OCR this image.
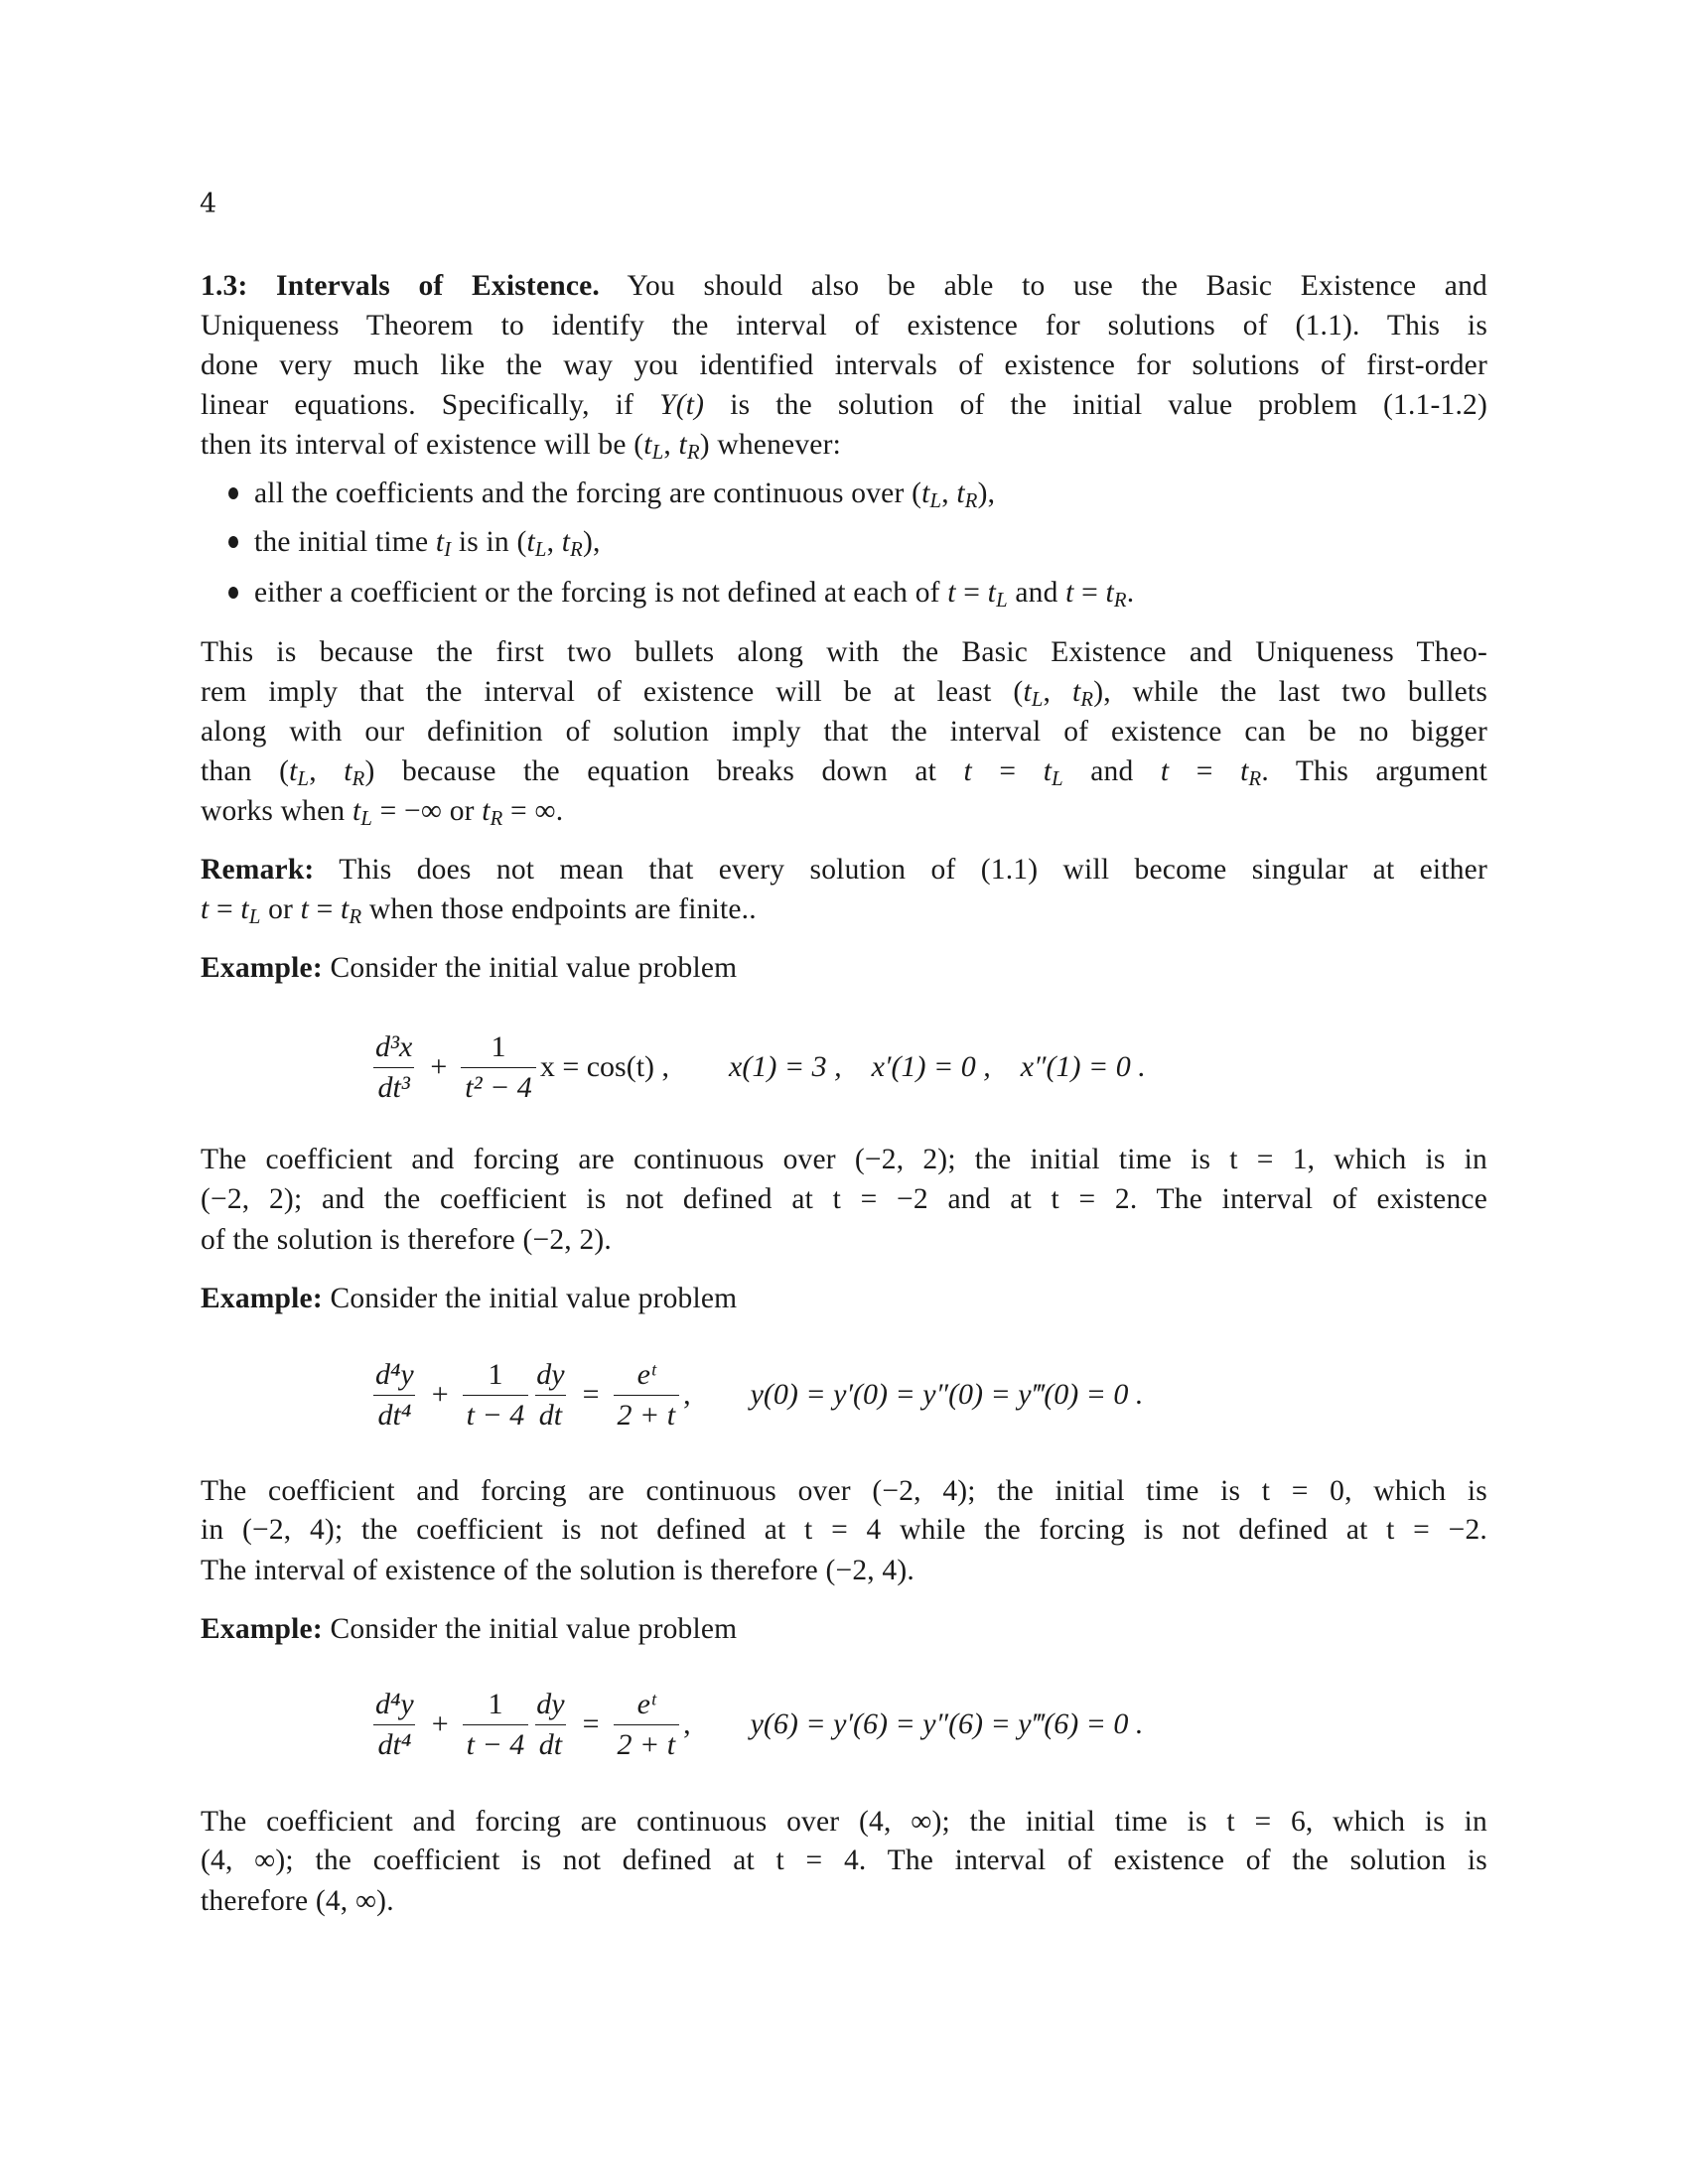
4
1.3: Intervals of Existence. You should also be able to use the Basic Existence and
Uniqueness Theorem to identify the interval of existence for solutions of (1.1). This is
done very much like the way you identified intervals of existence for solutions of first-order
linear equations. Specifically, if Y(t) is the solution of the initial value problem (1.1-1.2)
then its interval of existence will be ($t_L$, $t_R$) whenever:
all the coefficients and the forcing are continuous over ($t_L$, $t_R$),
the initial time $t_I$ is in ($t_L$, $t_R$),
either a coefficient or the forcing is not defined at each of $t = t_L$ and $t = t_R$.
This is because the first two bullets along with the Basic Existence and Uniqueness Theo-
rem imply that the interval of existence will be at least ($t_L$, $t_R$), while the last two bullets
along with our definition of solution imply that the interval of existence can be no bigger
than ($t_L$, $t_R$) because the equation breaks down at $t = t_L$ and $t = t_R$. This argument
works when $t_L$ = −∞ or $t_R$ = ∞.
Remark: This does not mean that every solution of (1.1) will become singular at either
$t = t_L$ or $t = t_R$ when those endpoints are finite..
Example: Consider the initial value problem
$\frac{\text{d³x}}{\text{dt³}} + \frac{1}{\text{t² − 4}}$ x = cos(t) , x(1) = 3 , x′(1) = 0 , x″(1) = 0 .
The coefficient and forcing are continuous over (−2, 2); the initial time is t = 1, which is in
(−2, 2); and the coefficient is not defined at t = −2 and at t = 2. The interval of existence
of the solution is therefore (−2, 2).
Example: Consider the initial value problem
$\frac{\text{d⁴y}}{\text{dt⁴}} + \frac{1}{t - 4} \frac{dy}{dt} = \frac{\text{eᵗ}}{2 + t}$ , y(0) = y′(0) = y″(0) = y‴(0) = 0 .
The coefficient and forcing are continuous over (−2, 4); the initial time is t = 0, which is
in (−2, 4); the coefficient is not defined at t = 4 while the forcing is not defined at t = −2.
The interval of existence of the solution is therefore (−2, 4).
Example: Consider the initial value problem
$\frac{\text{d⁴y}}{\text{dt⁴}} + \frac{1}{t - 4} \frac{dy}{dt} = \frac{\text{eᵗ}}{2 + t}$ , y(6) = y′(6) = y″(6) = y‴(6) = 0 .
The coefficient and forcing are continuous over (4, ∞); the initial time is t = 6, which is in
(4, ∞); the coefficient is not defined at t = 4. The interval of existence of the solution is
therefore (4, ∞).
